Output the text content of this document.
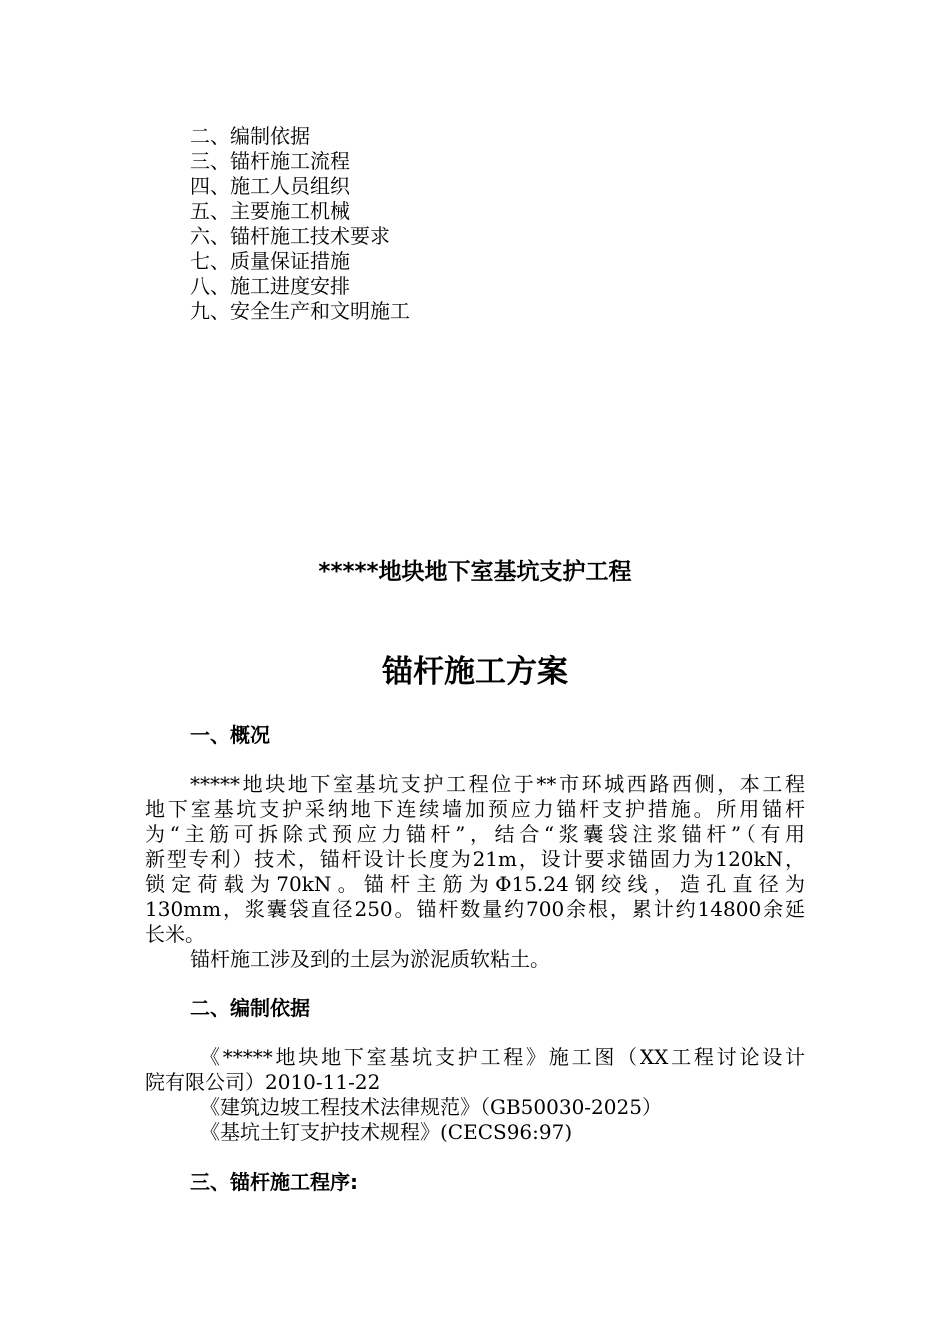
二、编制依据
三、锚杆施工流程
四、施工人员组织
五、主要施工机械
六、锚杆施工技术要求
七、质量保证措施
八、施工进度安排
九、安全生产和文明施工
*****地块地下室基坑支护工程
锚杆施工方案
一、概况
*****地块地下室基坑支护工程位于**市环城西路西侧，本工程
地下室基坑支护采纳地下连续墙加预应力锚杆支护措施。所用锚杆
为“主筋可拆除式预应力锚杆”，结合“浆囊袋注浆锚杆”（有用
新型专利）技术，锚杆设计长度为21m，设计要求锚固力为120kN，
锁定荷载为70kN。锚杆主筋为Φ15.24钢绞线，造孔直径为
130mm，浆囊袋直径250。锚杆数量约700余根，累计约14800余延
长米。
锚杆施工涉及到的土层为淤泥质软粘土。
二、编制依据
《*****地块地下室基坑支护工程》施工图（XX工程讨论设计
院有限公司）2010-11-22
《建筑边坡工程技术法律规范》（GB50030-2025）
《基坑土钉支护技术规程》(CECS96:97)
三、锚杆施工程序:
